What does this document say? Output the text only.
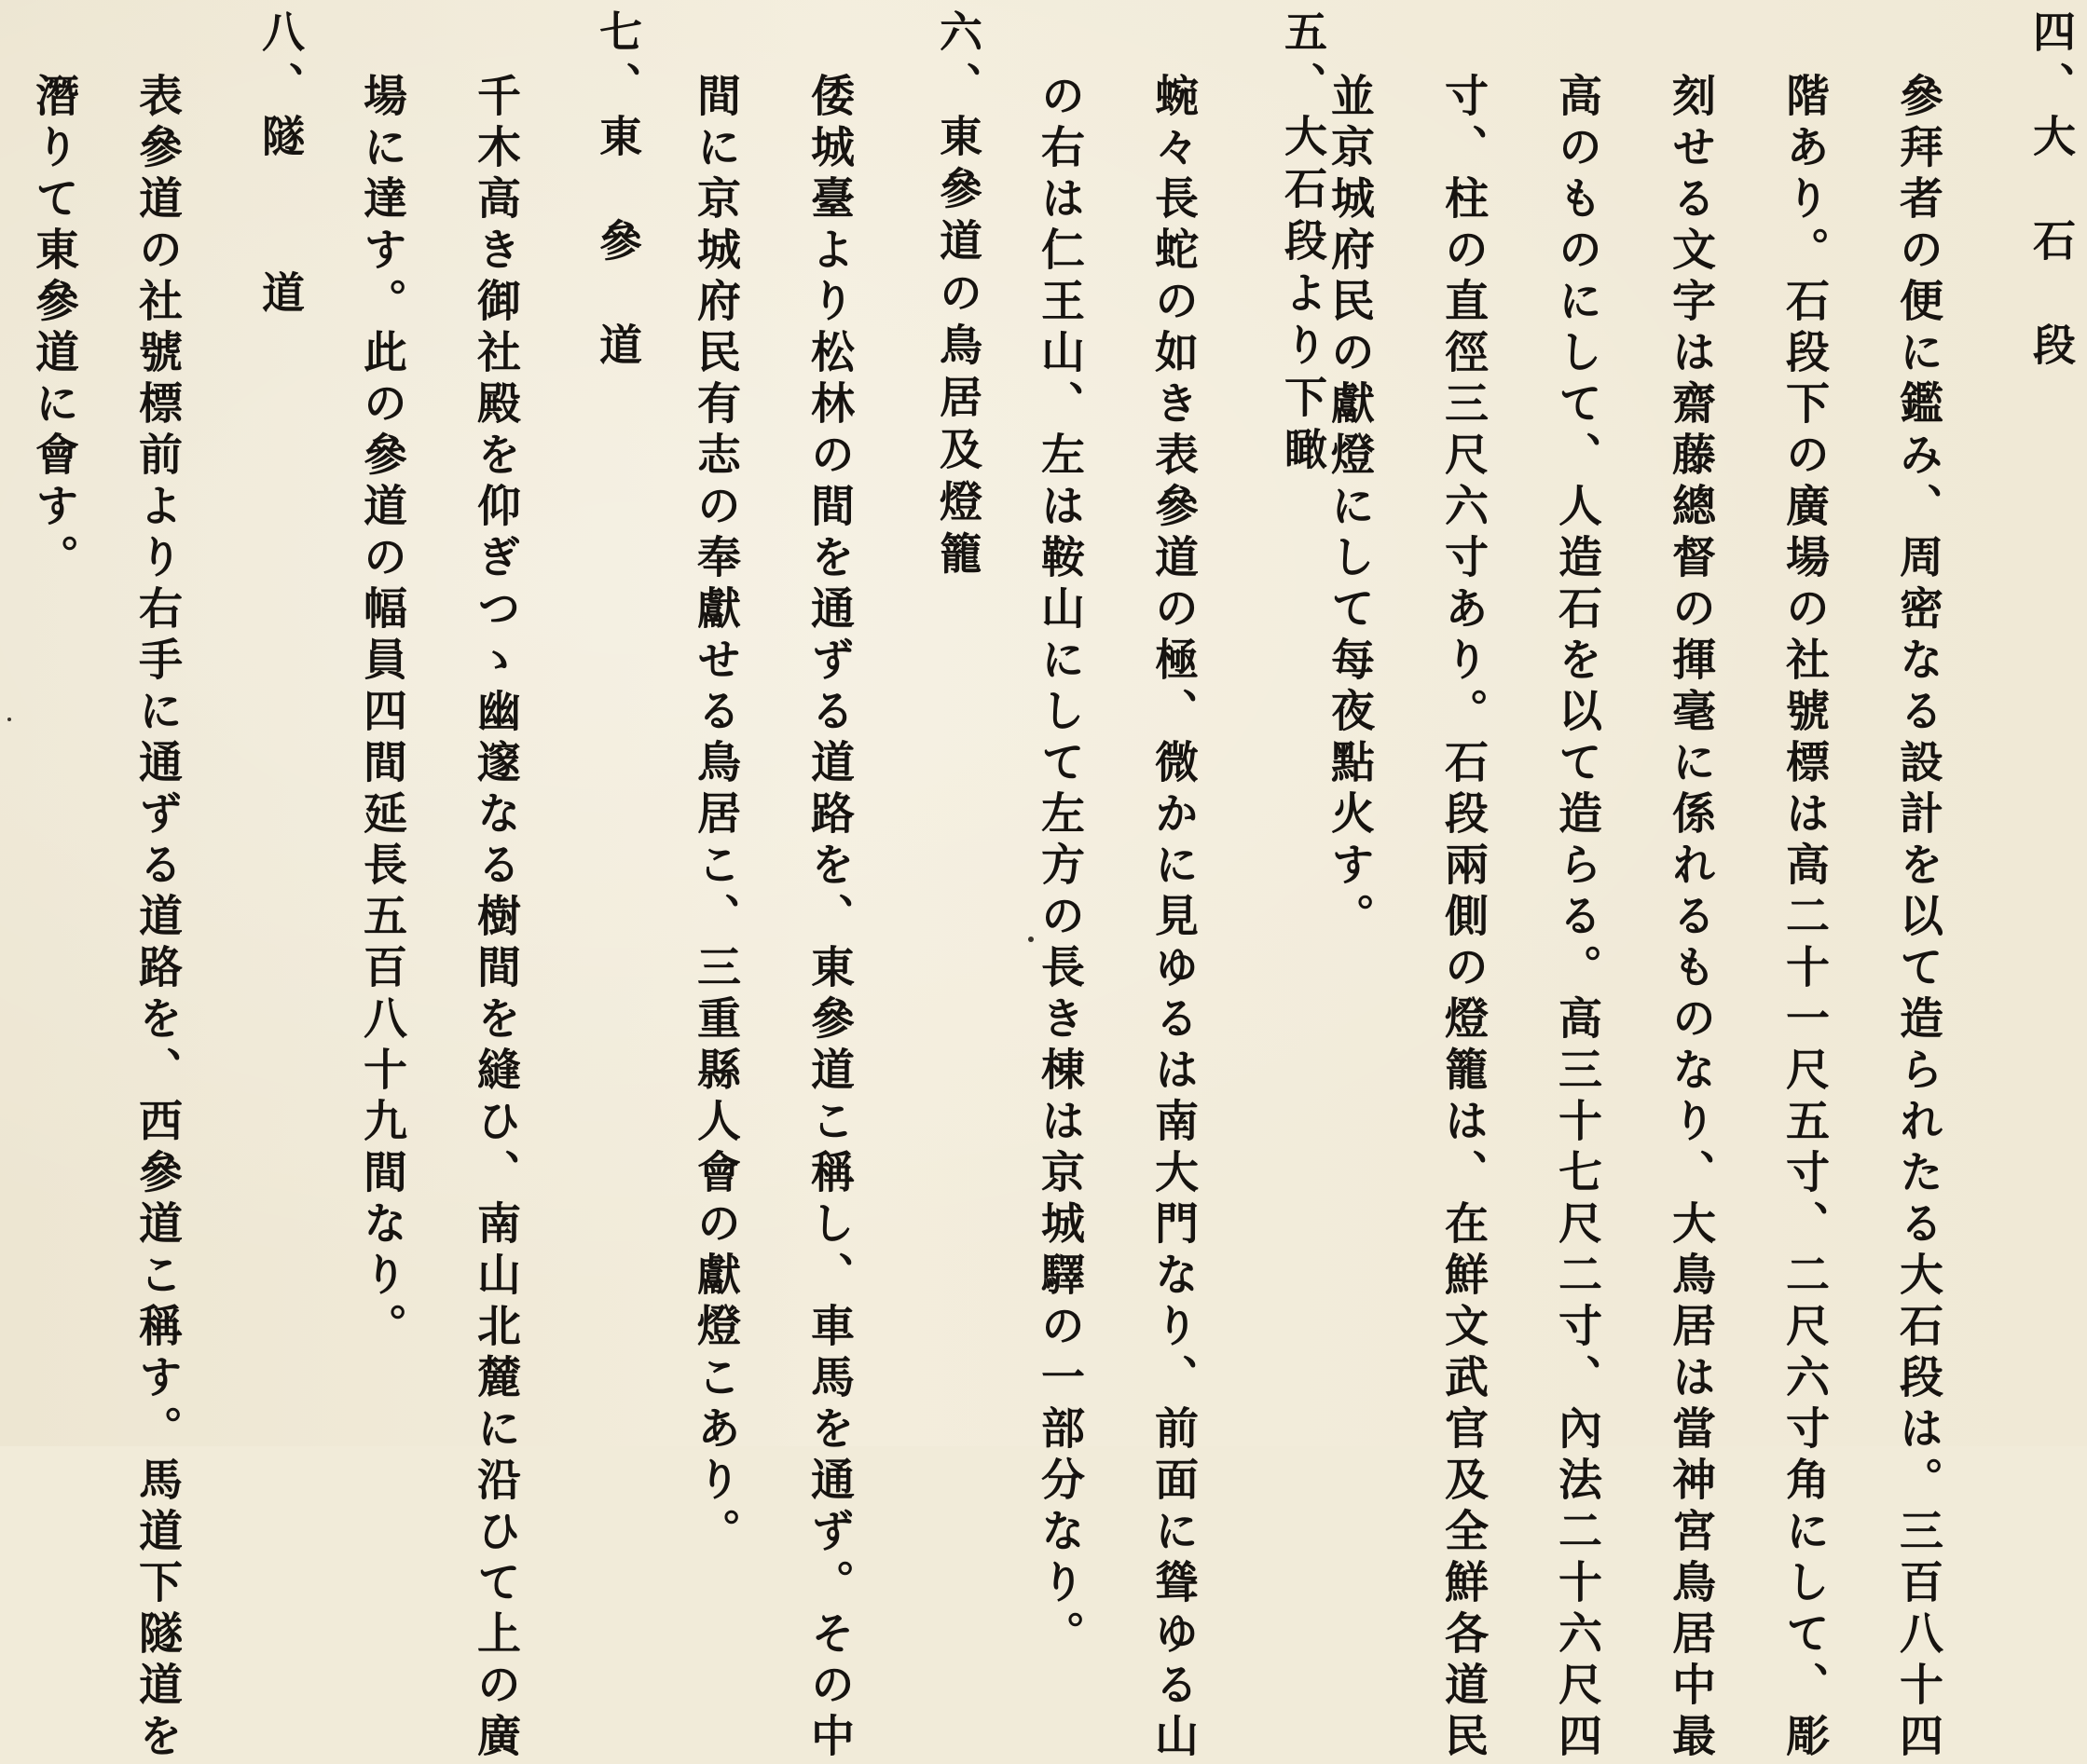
四、大　石　段
參拜者の便に鑑み、周密なる設計を以て造られたる大石段は。三百八十四
階あり。石段下の廣場の社號標は高二十一尺五寸、二尺六寸角にして、彫
刻せる文字は齋藤總督の揮毫に係れるものなり、大鳥居は當神宮鳥居中最
高のものにして、人造石を以て造らる。高三十七尺二寸、內法二十六尺四
寸、柱の直徑三尺六寸あり。石段兩側の燈籠は、在鮮文武官及全鮮各道民
並京城府民の獻燈にして每夜點火す。
五、大石段より下瞰
蜿々長蛇の如き表參道の極、微かに見ゆるは南大門なり、前面に聳ゆる山
の右は仁王山、左は鞍山にして左方の長き棟は京城驛の一部分なり。
六、東參道の鳥居及燈籠
倭城臺より松林の間を通ずる道路を、東參道こ稱し、車馬を通ず。その中
間に京城府民有志の奉獻せる鳥居こ、三重縣人會の獻燈こあり。
七、東　參　道
千木高き御社殿を仰ぎつゝ幽邃なる樹間を縫ひ、南山北麓に沿ひて上の廣
場に達す。此の參道の幅員四間延長五百八十九間なり。
八、隧　　道
表參道の社號標前より右手に通ずる道路を、西參道こ稱す。馬道下隧道を
潛りて東參道に會す。
